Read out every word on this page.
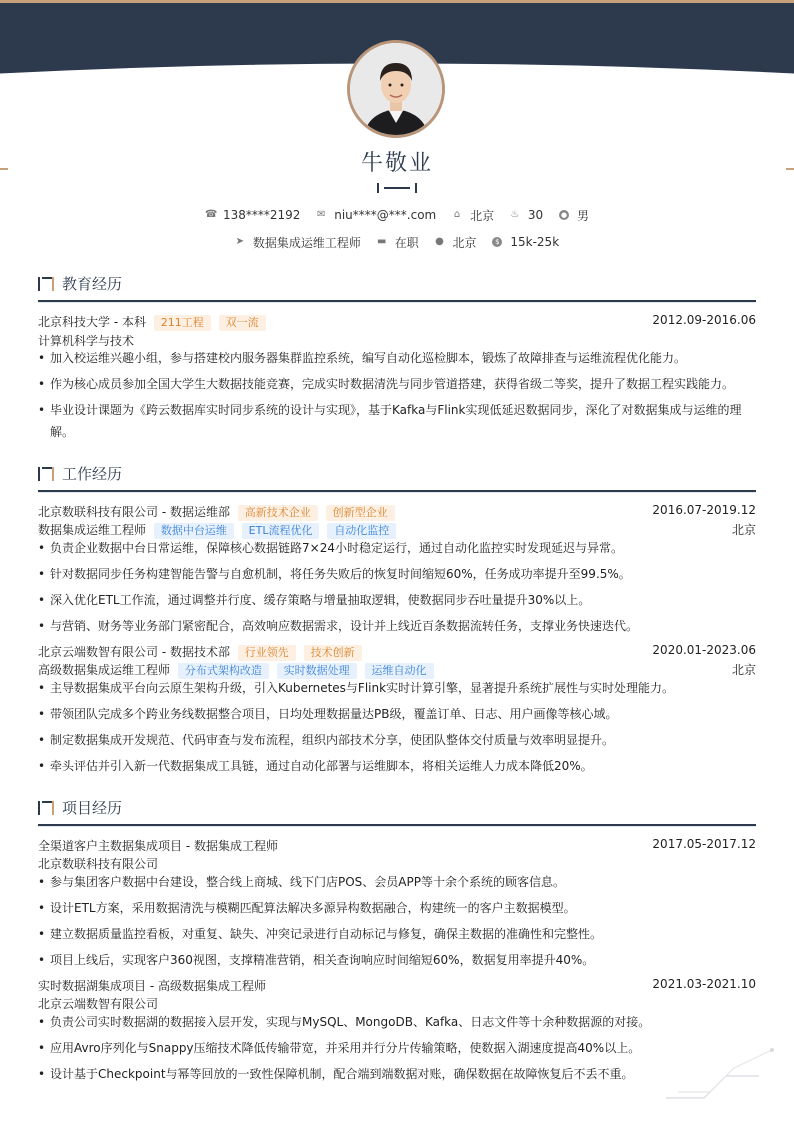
牛敬业
☎ 138****2192
✉ niu****@***.com
⌂ 北京
♨ 30
	● 男
➤ 数据集成运维工程师
▬ 在职
● 北京
	$ 15k-25k
教育经历
北京科技大学 - 本科 211工程 双一流	2012.09-2016.06
计算机科学与技术
• 加入校运维兴趣小组，参与搭建校内服务器集群监控系统，编写自动化巡检脚本，锻炼了故障排查与运维流程优化能力。
• 作为核心成员参加全国大学生大数据技能竞赛，完成实时数据清洗与同步管道搭建，获得省级二等奖，提升了数据工程实践能力。
• 毕业设计课题为《跨云数据库实时同步系统的设计与实现》，基于Kafka与Flink实现低延迟数据同步，深化了对数据集成与运维的理
解。
工作经历
北京数联科技有限公司 - 数据运维部 高新技术企业 创新型企业	2016.07-2019.12
数据集成运维工程师 数据中台运维 ETL流程优化 自动化监控	北京
• 负责企业数据中台日常运维，保障核心数据链路7×24小时稳定运行，通过自动化监控实时发现延迟与异常。
• 针对数据同步任务构建智能告警与自愈机制，将任务失败后的恢复时间缩短60%，任务成功率提升至99.5%。
• 深入优化ETL工作流，通过调整并行度、缓存策略与增量抽取逻辑，使数据同步吞吐量提升30%以上。
• 与营销、财务等业务部门紧密配合，高效响应数据需求，设计并上线近百条数据流转任务，支撑业务快速迭代。
北京云端数智有限公司 - 数据技术部 行业领先 技术创新	2020.01-2023.06
高级数据集成运维工程师 分布式架构改造 实时数据处理 运维自动化	北京
• 主导数据集成平台向云原生架构升级，引入Kubernetes与Flink实时计算引擎，显著提升系统扩展性与实时处理能力。
• 带领团队完成多个跨业务线数据整合项目，日均处理数据量达PB级，覆盖订单、日志、用户画像等核心域。
• 制定数据集成开发规范、代码审查与发布流程，组织内部技术分享，使团队整体交付质量与效率明显提升。
• 牵头评估并引入新一代数据集成工具链，通过自动化部署与运维脚本，将相关运维人力成本降低20%。
项目经历
全渠道客户主数据集成项目 - 数据集成工程师	2017.05-2017.12
北京数联科技有限公司
• 参与集团客户数据中台建设，整合线上商城、线下门店POS、会员APP等十余个系统的顾客信息。
• 设计ETL方案，采用数据清洗与模糊匹配算法解决多源异构数据融合，构建统一的客户主数据模型。
• 建立数据质量监控看板，对重复、缺失、冲突记录进行自动标记与修复，确保主数据的准确性和完整性。
• 项目上线后，实现客户360视图，支撑精准营销，相关查询响应时间缩短60%，数据复用率提升40%。
实时数据湖集成项目 - 高级数据集成工程师	2021.03-2021.10
北京云端数智有限公司
• 负责公司实时数据湖的数据接入层开发，实现与MySQL、MongoDB、Kafka、日志文件等十余种数据源的对接。
• 应用Avro序列化与Snappy压缩技术降低传输带宽，并采用并行分片传输策略，使数据入湖速度提高40%以上。
• 设计基于Checkpoint与幂等回放的一致性保障机制，配合端到端数据对账，确保数据在故障恢复后不丢不重。
